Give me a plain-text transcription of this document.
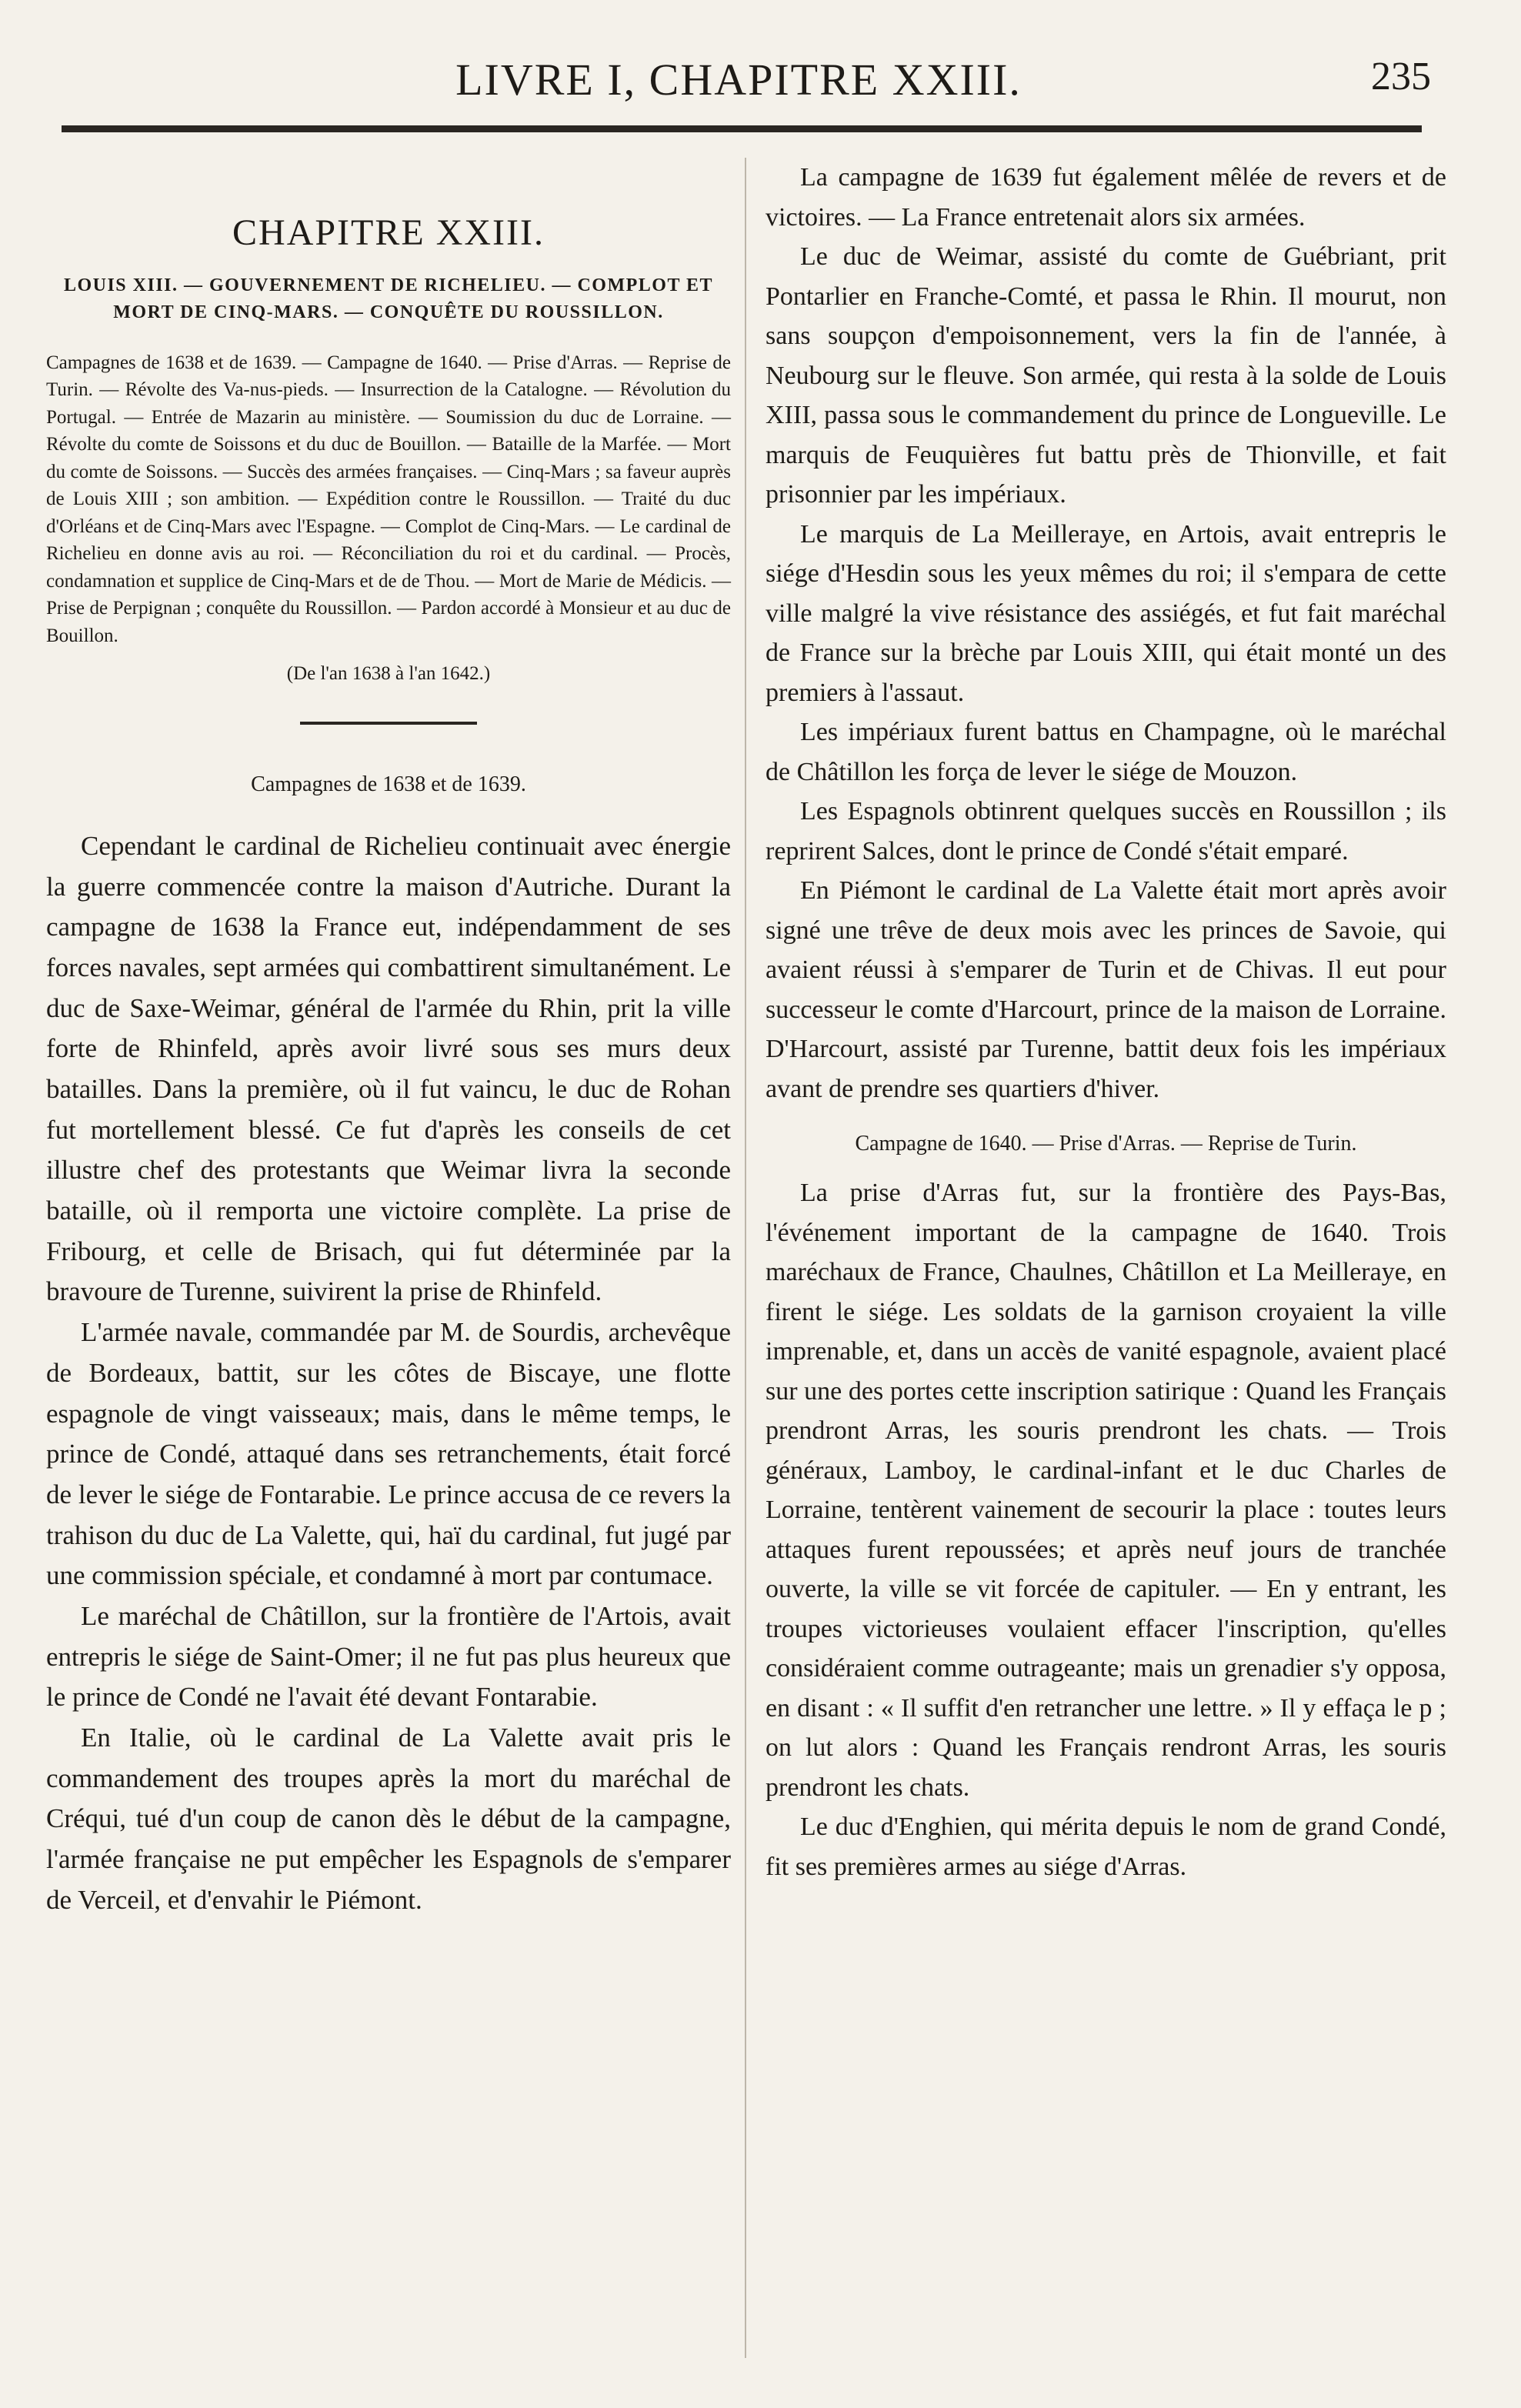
LIVRE I, CHAPITRE XXIII.	235
CHAPITRE XXIII.
LOUIS XIII. — GOUVERNEMENT DE RICHELIEU. — COMPLOT ET MORT DE CINQ-MARS. — CONQUÊTE DU ROUSSILLON.
Campagnes de 1638 et de 1639. — Campagne de 1640. — Prise d'Arras. — Reprise de Turin. — Révolte des Va-nus-pieds. — Insurrection de la Catalogne. — Révolution du Portugal. — Entrée de Mazarin au ministère. — Soumission du duc de Lorraine. — Révolte du comte de Soissons et du duc de Bouillon. — Bataille de la Marfée. — Mort du comte de Soissons. — Succès des armées françaises. — Cinq-Mars ; sa faveur auprès de Louis XIII ; son ambition. — Expédition contre le Roussillon. — Traité du duc d'Orléans et de Cinq-Mars avec l'Espagne. — Complot de Cinq-Mars. — Le cardinal de Richelieu en donne avis au roi. — Réconciliation du roi et du cardinal. — Procès, condamnation et supplice de Cinq-Mars et de de Thou. — Mort de Marie de Médicis. — Prise de Perpignan ; conquête du Roussillon. — Pardon accordé à Monsieur et au duc de Bouillon.
(De l'an 1638 à l'an 1642.)
Campagnes de 1638 et de 1639.

Cependant le cardinal de Richelieu continuait avec énergie la guerre commencée contre la maison d'Autriche. Durant la campagne de 1638 la France eut, indépendamment de ses forces navales, sept armées qui combattirent simultanément. Le duc de Saxe-Weimar, général de l'armée du Rhin, prit la ville forte de Rhinfeld, après avoir livré sous ses murs deux batailles. Dans la première, où il fut vaincu, le duc de Rohan fut mortellement blessé. Ce fut d'après les conseils de cet illustre chef des protestants que Weimar livra la seconde bataille, où il remporta une victoire complète. La prise de Fribourg, et celle de Brisach, qui fut déterminée par la bravoure de Turenne, suivirent la prise de Rhinfeld.

L'armée navale, commandée par M. de Sourdis, archevêque de Bordeaux, battit, sur les côtes de Biscaye, une flotte espagnole de vingt vaisseaux; mais, dans le même temps, le prince de Condé, attaqué dans ses retranchements, était forcé de lever le siége de Fontarabie. Le prince accusa de ce revers la trahison du duc de La Valette, qui, haï du cardinal, fut jugé par une commission spéciale, et condamné à mort par contumace.

Le maréchal de Châtillon, sur la frontière de l'Artois, avait entrepris le siége de Saint-Omer; il ne fut pas plus heureux que le prince de Condé ne l'avait été devant Fontarabie.

En Italie, où le cardinal de La Valette avait pris le commandement des troupes après la mort du maréchal de Créqui, tué d'un coup de canon dès le début de la campagne, l'armée française ne put empêcher les Espagnols de s'emparer de Verceil, et d'envahir le Piémont.

La campagne de 1639 fut également mêlée de revers et de victoires. — La France entretenait alors six armées.

Le duc de Weimar, assisté du comte de Guébriant, prit Pontarlier en Franche-Comté, et passa le Rhin. Il mourut, non sans soupçon d'empoisonnement, vers la fin de l'année, à Neubourg sur le fleuve. Son armée, qui resta à la solde de Louis XIII, passa sous le commandement du prince de Longueville. Le marquis de Feuquières fut battu près de Thionville, et fait prisonnier par les impériaux.

Le marquis de La Meilleraye, en Artois, avait entrepris le siége d'Hesdin sous les yeux mêmes du roi; il s'empara de cette ville malgré la vive résistance des assiégés, et fut fait maréchal de France sur la brèche par Louis XIII, qui était monté un des premiers à l'assaut.

Les impériaux furent battus en Champagne, où le maréchal de Châtillon les força de lever le siége de Mouzon.

Les Espagnols obtinrent quelques succès en Roussillon ; ils reprirent Salces, dont le prince de Condé s'était emparé.

En Piémont le cardinal de La Valette était mort après avoir signé une trêve de deux mois avec les princes de Savoie, qui avaient réussi à s'emparer de Turin et de Chivas. Il eut pour successeur le comte d'Harcourt, prince de la maison de Lorraine. D'Harcourt, assisté par Turenne, battit deux fois les impériaux avant de prendre ses quartiers d'hiver.

Campagne de 1640. — Prise d'Arras. — Reprise de Turin.

La prise d'Arras fut, sur la frontière des Pays-Bas, l'événement important de la campagne de 1640. Trois maréchaux de France, Chaulnes, Châtillon et La Meilleraye, en firent le siége. Les soldats de la garnison croyaient la ville imprenable, et, dans un accès de vanité espagnole, avaient placé sur une des portes cette inscription satirique : Quand les Français prendront Arras, les souris prendront les chats. — Trois généraux, Lamboy, le cardinal-infant et le duc Charles de Lorraine, tentèrent vainement de secourir la place : toutes leurs attaques furent repoussées; et après neuf jours de tranchée ouverte, la ville se vit forcée de capituler. — En y entrant, les troupes victorieuses voulaient effacer l'inscription, qu'elles considéraient comme outrageante; mais un grenadier s'y opposa, en disant : « Il suffit d'en retrancher une lettre. » Il y effaça le p ; on lut alors : Quand les Français rendront Arras, les souris prendront les chats.

Le duc d'Enghien, qui mérita depuis le nom de grand Condé, fit ses premières armes au siége d'Arras.
